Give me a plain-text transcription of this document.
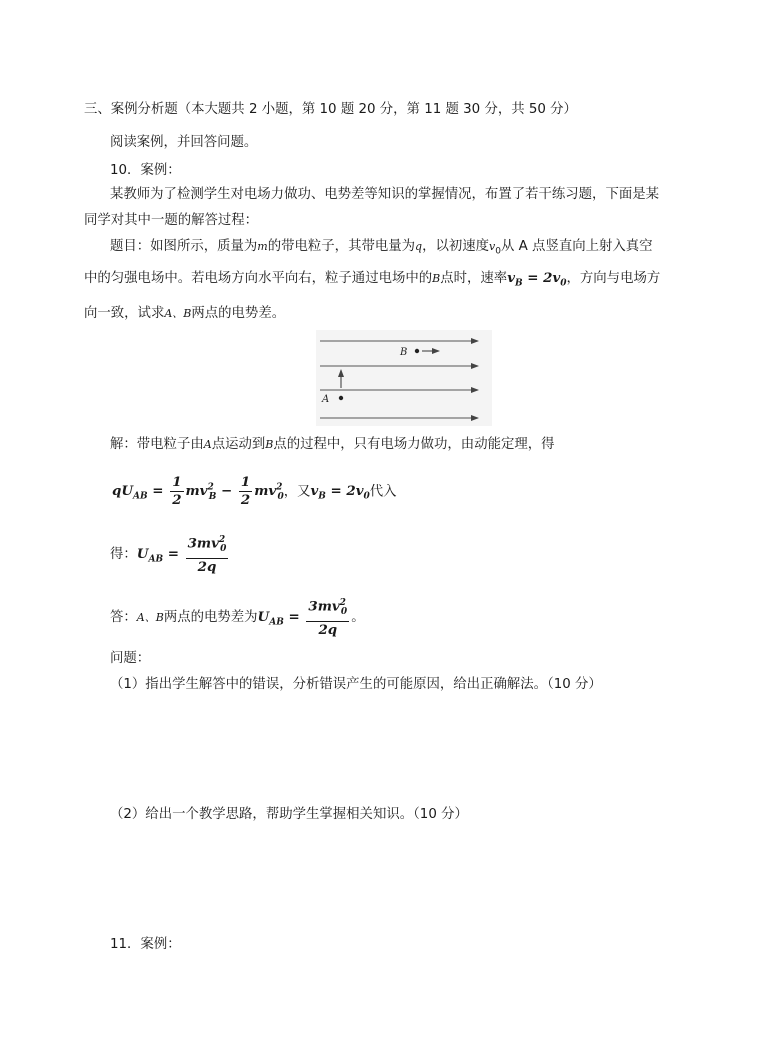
三、案例分析题（本大题共 2 小题，第 10 题 20 分，第 11 题 30 分，共 50 分）
阅读案例，并回答问题。
10．案例：
某教师为了检测学生对电场力做功、电势差等知识的掌握情况，布置了若干练习题，下面是某
同学对其中一题的解答过程：
题目：如图所示，质量为m的带电粒子，其带电量为q，以初速度$v_0$从 A 点竖直向上射入真空
中的匀强电场中。若电场方向水平向右，粒子通过电场中的B点时，速率$v_B = 2v_0$，方向与电场方
向一致，试求A、B两点的电势差。
A
B
解：带电粒子由A点运动到B点的过程中，只有电场力做功，由动能定理，得
$qU_{AB} = \frac{1}{2} mv^2_B - \frac{1}{2} mv^2_0$，又$v_B = 2v_0$代入
得：$U_{AB} = \frac{3mv^2_0}{2q}$
答：A、B两点的电势差为$U_{AB} = \frac{3mv^2_0}{2q}$ 。
问题：
（1）指出学生解答中的错误，分析错误产生的可能原因，给出正确解法。（10 分）
（2）给出一个教学思路，帮助学生掌握相关知识。（10 分）
11．案例：
